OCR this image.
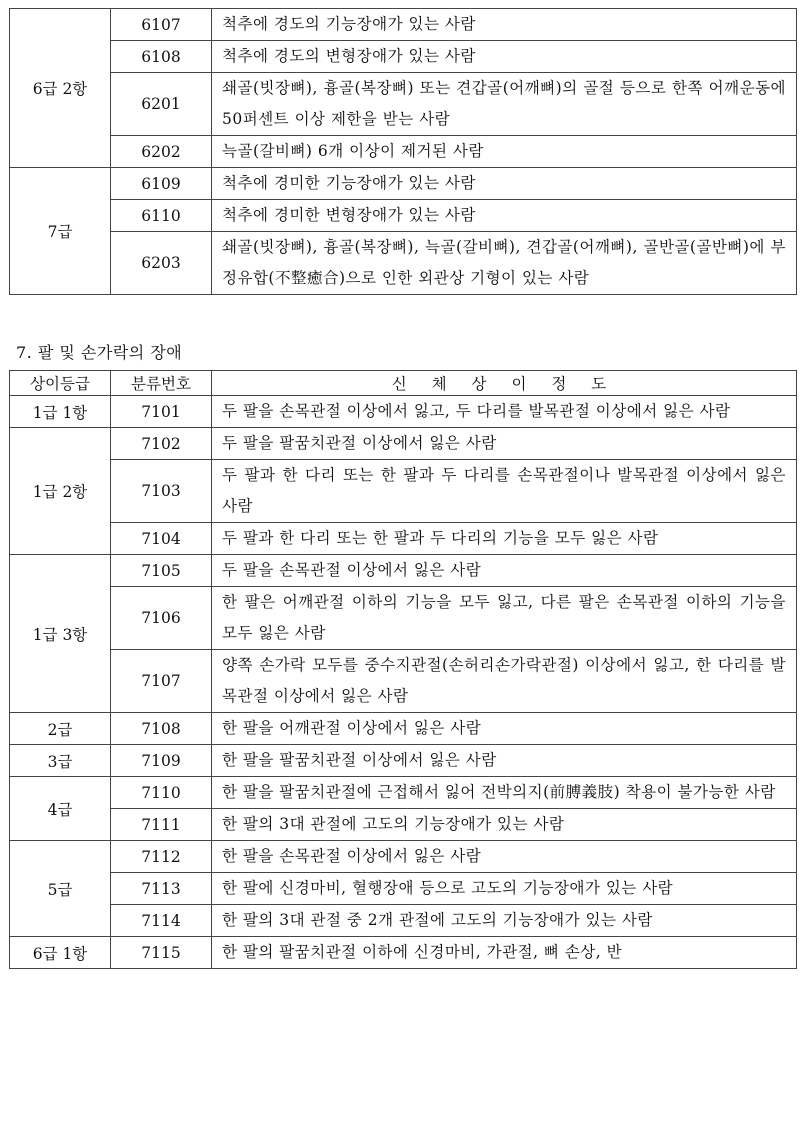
6급 2항	6107	척추에 경도의 기능장애가 있는 사람
	6108	척추에 경도의 변형장애가 있는 사람
	6201	쇄골(빗장뼈), 흉골(복장뼈) 또는 견갑골(어깨뼈)의 골절 등으로 한쪽 어깨운동에 50퍼센트 이상 제한을 받는 사람
	6202	늑골(갈비뼈) 6개 이상이 제거된 사람
7급	6109	척추에 경미한 기능장애가 있는 사람
	6110	척추에 경미한 변형장애가 있는 사람
	6203	쇄골(빗장뼈), 흉골(복장뼈), 늑골(갈비뼈), 견갑골(어깨뼈), 골반골(골반뼈)에 부정유합(不整癒合)으로 인한 외관상 기형이 있는 사람
7. 팔 및 손가락의 장애
상이등급	분류번호	신 체 상 이 정 도
1급 1항	7101	두 팔을 손목관절 이상에서 잃고, 두 다리를 발목관절 이상에서 잃은 사람
1급 2항	7102	두 팔을 팔꿈치관절 이상에서 잃은 사람
	7103	두 팔과 한 다리 또는 한 팔과 두 다리를 손목관절이나 발목관절 이상에서 잃은 사람
	7104	두 팔과 한 다리 또는 한 팔과 두 다리의 기능을 모두 잃은 사람
1급 3항	7105	두 팔을 손목관절 이상에서 잃은 사람
	7106	한 팔은 어깨관절 이하의 기능을 모두 잃고, 다른 팔은 손목관절 이하의 기능을 모두 잃은 사람
	7107	양쪽 손가락 모두를 중수지관절(손허리손가락관절) 이상에서 잃고, 한 다리를 발목관절 이상에서 잃은 사람
2급	7108	한 팔을 어깨관절 이상에서 잃은 사람
3급	7109	한 팔을 팔꿈치관절 이상에서 잃은 사람
4급	7110	한 팔을 팔꿈치관절에 근접해서 잃어 전박의지(前膊義肢) 착용이 불가능한 사람
	7111	한 팔의 3대 관절에 고도의 기능장애가 있는 사람
5급	7112	한 팔을 손목관절 이상에서 잃은 사람
	7113	한 팔에 신경마비, 혈행장애 등으로 고도의 기능장애가 있는 사람
	7114	한 팔의 3대 관절 중 2개 관절에 고도의 기능장애가 있는 사람
6급 1항	7115	한 팔의 팔꿈치관절 이하에 신경마비, 가관절, 뼈 손상, 반
